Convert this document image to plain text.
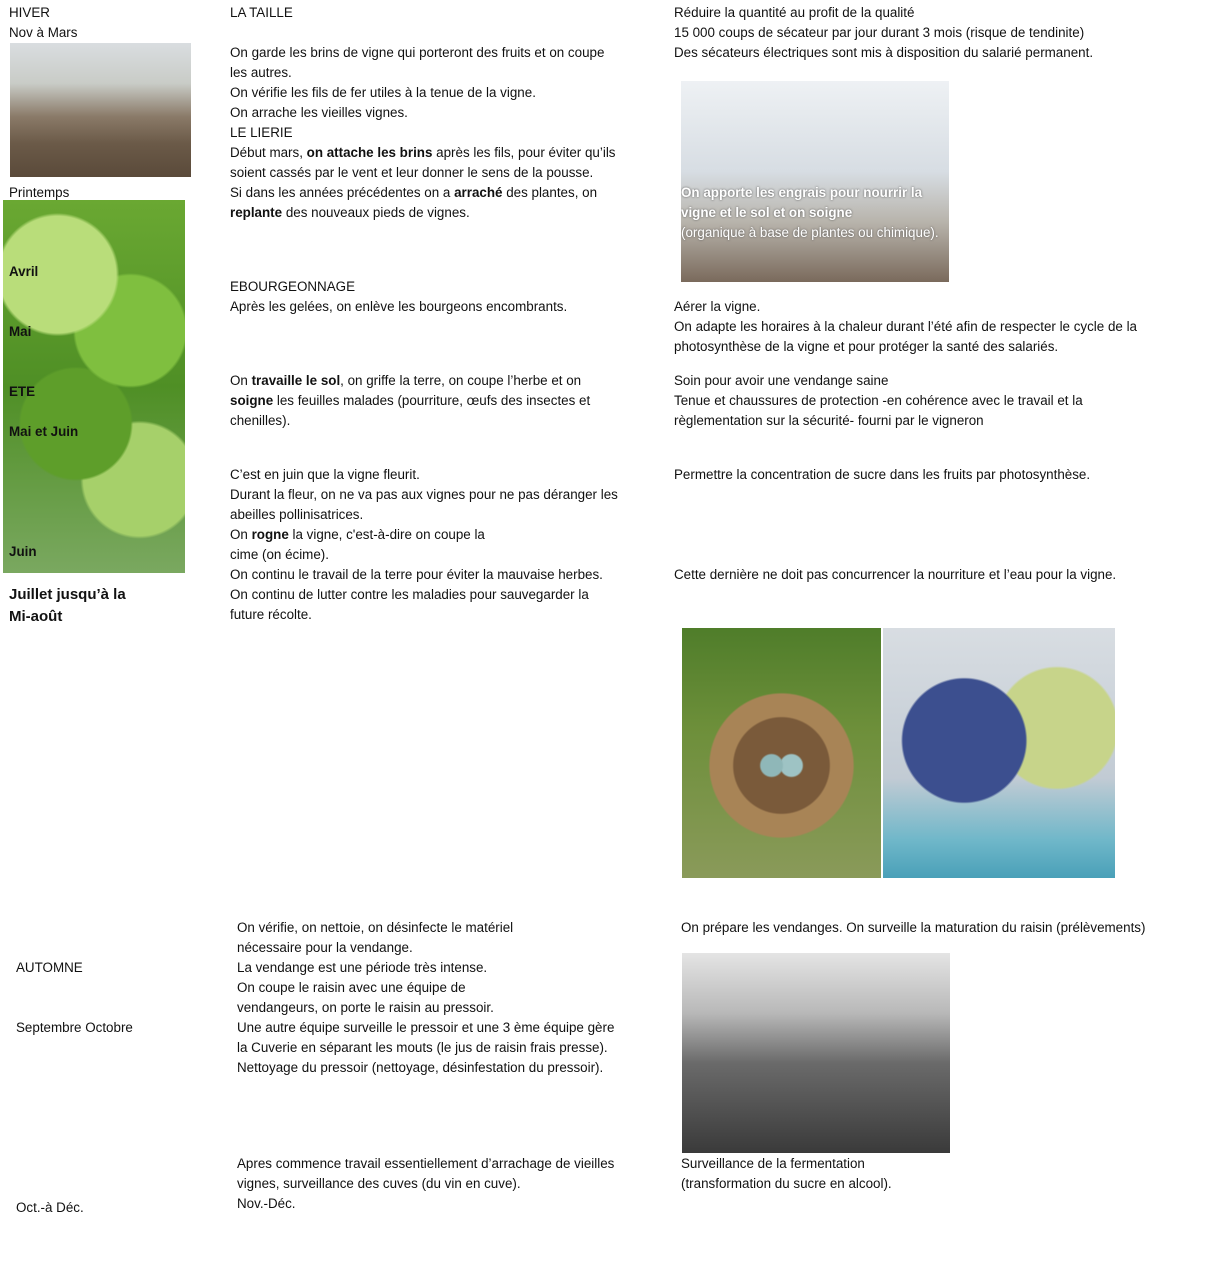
HIVER
Nov à Mars
Printemps
Avril
Mai
ETE
Mai et Juin
Juin
Juillet jusqu’à la
Mi-août
AUTOMNE
Septembre Octobre
Oct.-à Déc.
LA TAILLE
On garde les brins de vigne qui porteront des fruits et on coupe
les autres.
On vérifie les fils de fer utiles à la tenue de la vigne.
On arrache les vieilles vignes.
LE LIERIE
Début mars, on attache les brins après les fils, pour éviter qu’ils
soient cassés par le vent et leur donner le sens de la pousse.
Si dans les années précédentes on a arraché des plantes, on
replante des nouveaux pieds de vignes.
EBOURGEONNAGE
Après les gelées, on enlève les bourgeons encombrants.
On travaille le sol, on griffe la terre, on coupe l’herbe et on
soigne les feuilles malades (pourriture, œufs des insectes et
chenilles).
C’est en juin que la vigne fleurit.
Durant la fleur, on ne va pas aux vignes pour ne pas déranger les
abeilles pollinisatrices.
On rogne la vigne, c'est-à-dire on coupe la
cime (on écime).
On continu le travail de la terre pour éviter la mauvaise herbes.
On continu de lutter contre les maladies pour sauvegarder la
future récolte.
On vérifie, on nettoie, on désinfecte le matériel
nécessaire pour la vendange.
La vendange est une période très intense.
On coupe le raisin avec une équipe de
vendangeurs, on porte le raisin au pressoir.
Une autre équipe surveille le pressoir et une 3 ème équipe gère
la Cuverie en séparant les mouts (le jus de raisin frais presse).
Nettoyage du pressoir (nettoyage, désinfestation du pressoir).
Apres commence travail essentiellement d’arrachage de vieilles
vignes, surveillance des cuves (du vin en cuve).
Nov.-Déc.
Réduire la quantité au profit de la qualité
15 000 coups de sécateur par jour durant 3 mois (risque de tendinite)
Des sécateurs électriques sont mis à disposition du salarié permanent.
On apporte les engrais pour nourrir la
vigne et le sol et on soigne
(organique à base de plantes ou chimique).
Aérer la vigne.
On adapte les horaires à la chaleur durant l’été afin de respecter le cycle de la
photosynthèse de la vigne et pour protéger la santé des salariés.
Soin pour avoir une vendange saine
Tenue et chaussures de protection -en cohérence avec le travail et la
règlementation sur la sécurité- fourni par le vigneron
Permettre la concentration de sucre dans les fruits par photosynthèse.
Cette dernière ne doit pas concurrencer la nourriture et l’eau pour la vigne.
On prépare les vendanges. On surveille la maturation du raisin (prélèvements)
Surveillance de la fermentation
(transformation du sucre en alcool).
